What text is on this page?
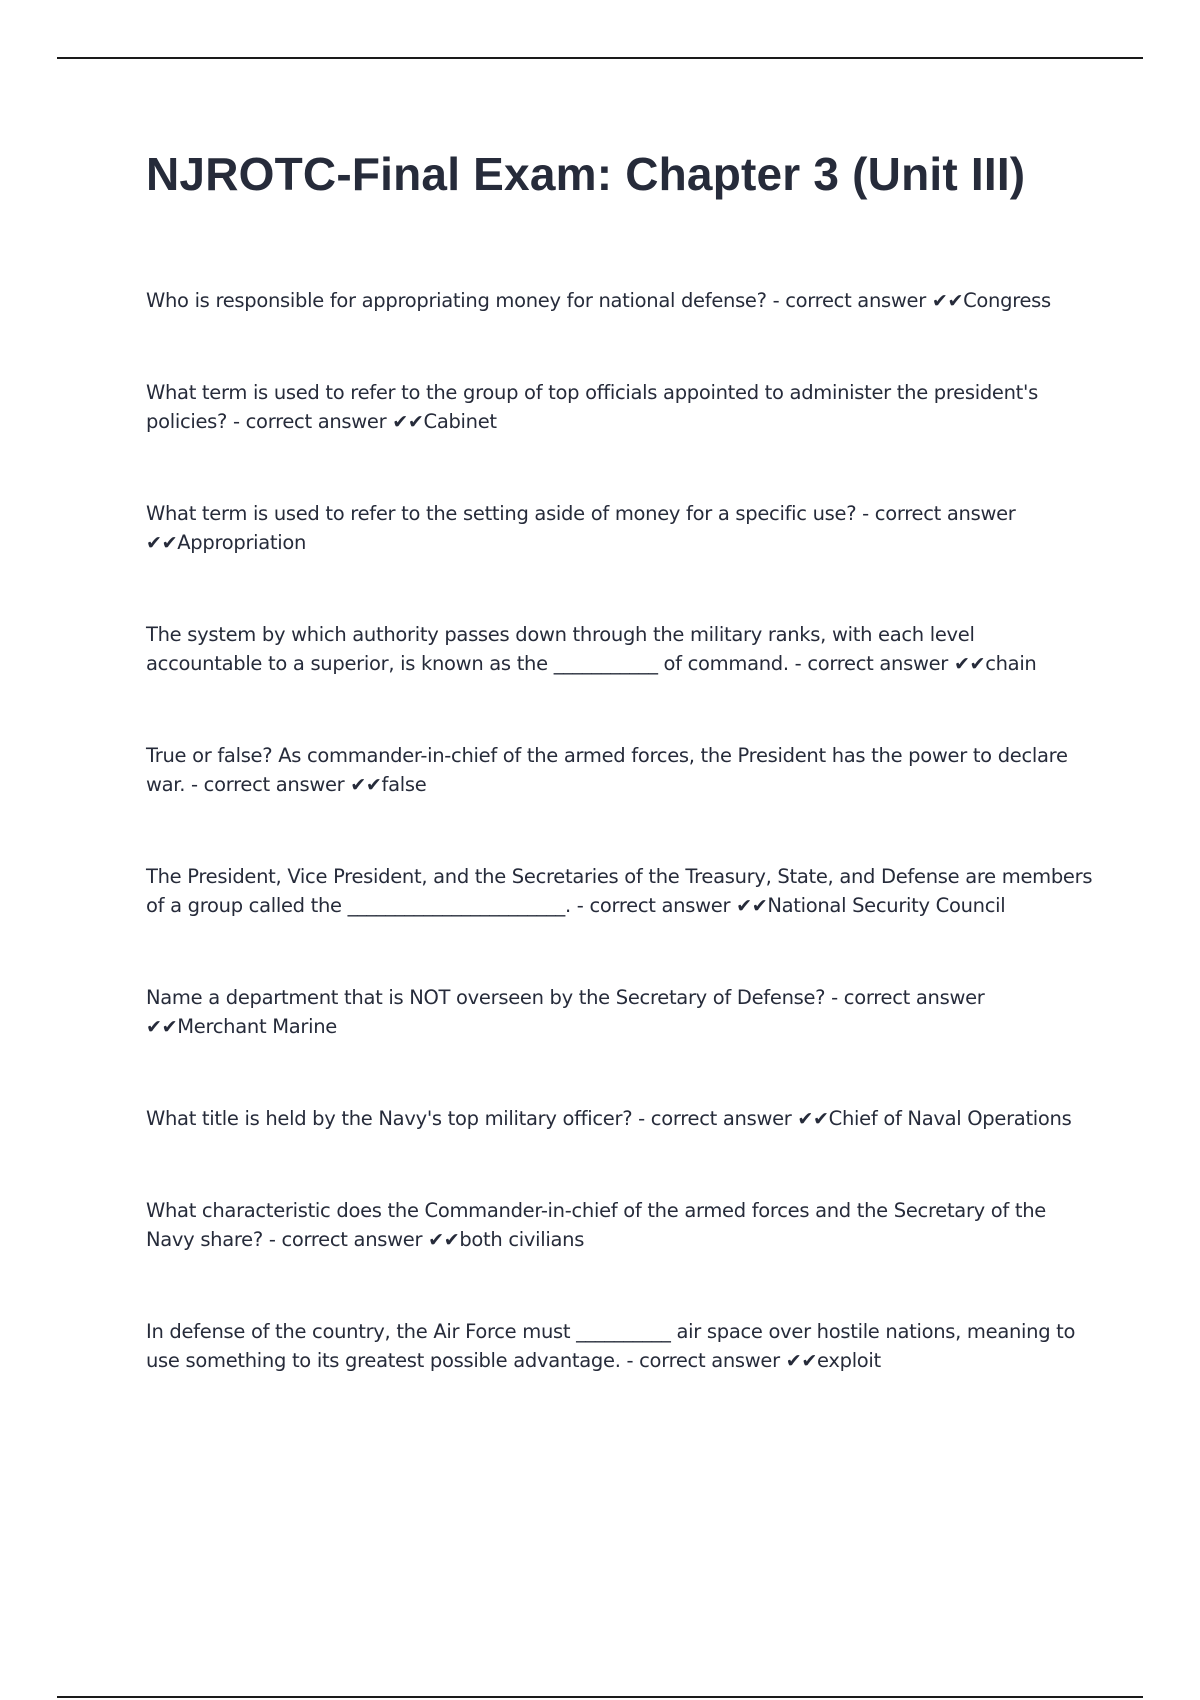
NJROTC-Final Exam: Chapter 3 (Unit III)

Who is responsible for appropriating money for national defense? - correct answer ✔✔Congress

What term is used to refer to the group of top officials appointed to administer the president's policies? - correct answer ✔✔Cabinet

What term is used to refer to the setting aside of money for a specific use? - correct answer ✔✔Appropriation

The system by which authority passes down through the military ranks, with each level accountable to a superior, is known as the ___________ of command. - correct answer ✔✔chain

True or false? As commander-in-chief of the armed forces, the President has the power to declare war. - correct answer ✔✔false

The President, Vice President, and the Secretaries of the Treasury, State, and Defense are members of a group called the _______________________. - correct answer ✔✔National Security Council

Name a department that is NOT overseen by the Secretary of Defense? - correct answer ✔✔Merchant Marine

What title is held by the Navy's top military officer? - correct answer ✔✔Chief of Naval Operations

What characteristic does the Commander-in-chief of the armed forces and the Secretary of the Navy share? - correct answer ✔✔both civilians

In defense of the country, the Air Force must __________ air space over hostile nations, meaning to use something to its greatest possible advantage. - correct answer ✔✔exploit
